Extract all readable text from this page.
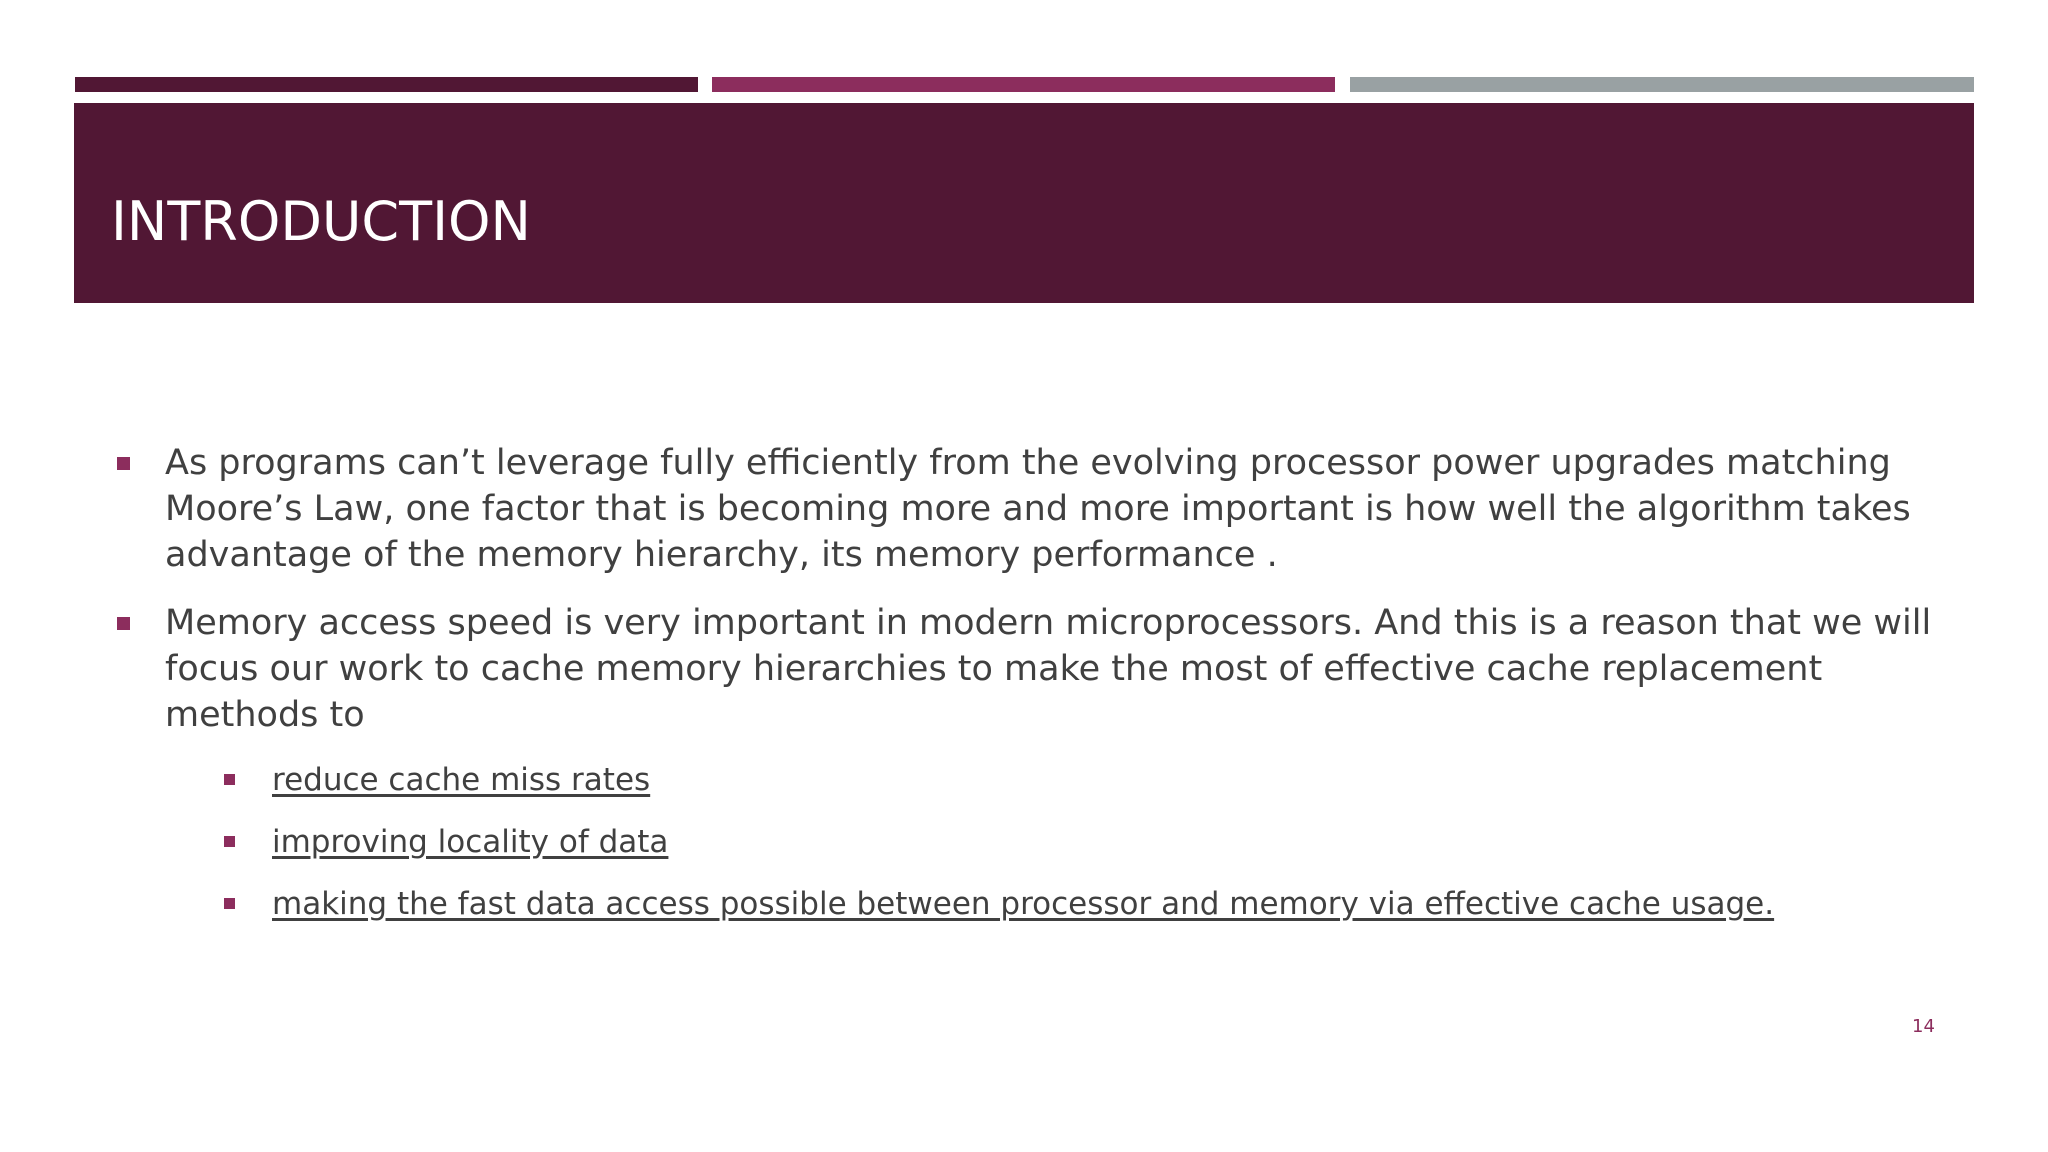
INTRODUCTION
As programs can’t leverage fully efficiently from the evolving processor power upgrades matching Moore’s Law, one factor that is becoming more and more important is how well the algorithm takes advantage of the memory hierarchy, its memory performance .
Memory access speed is very important in modern microprocessors. And this is a reason that we will focus our work to cache memory hierarchies to make the most of effective cache replacement methods to
reduce cache miss rates
improving locality of data
making the fast data access possible between processor and memory via effective cache usage.
14
